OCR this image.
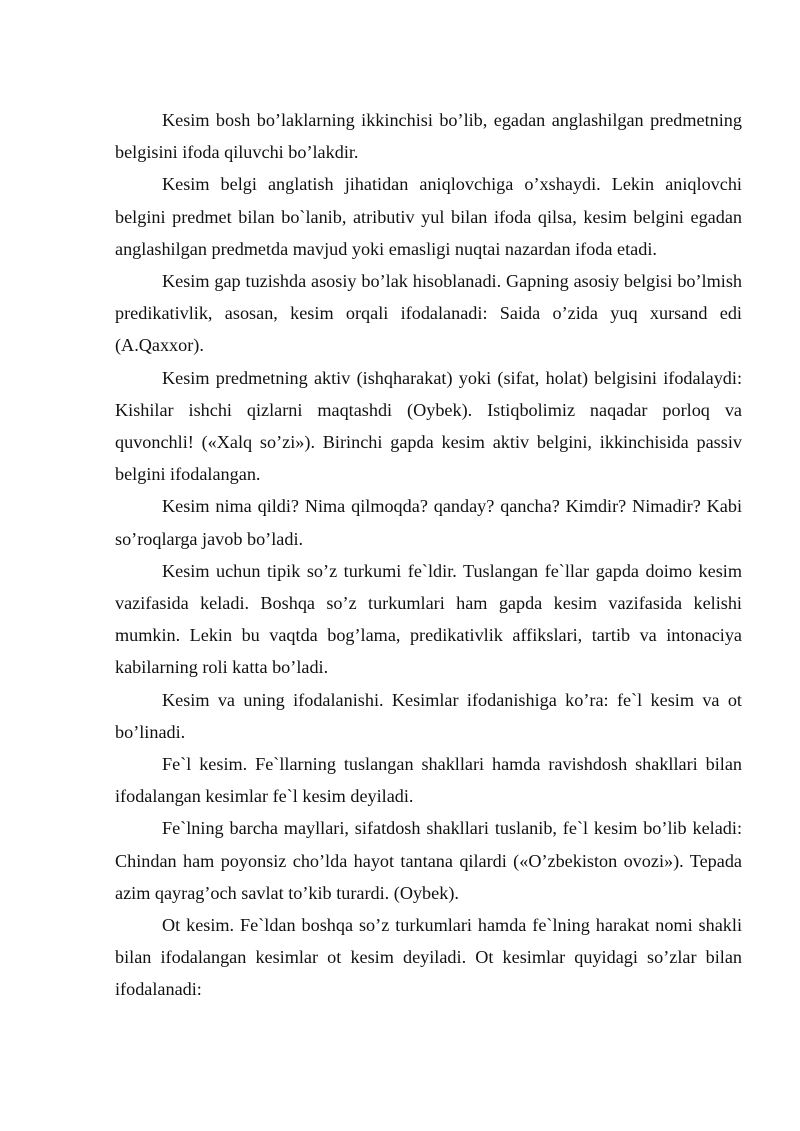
Kesim bosh bo’laklarning ikkinchisi bo’lib, egadan anglashilgan predmetning belgisini ifoda qiluvchi bo’lakdir.

Kesim belgi anglatish jihatidan aniqlovchiga o’xshaydi. Lekin aniqlovchi belgini predmet bilan bo`lanib, atributiv yul bilan ifoda qilsa, kesim belgini egadan anglashilgan predmetda mavjud yoki emasligi nuqtai nazardan ifoda etadi.

Kesim gap tuzishda asosiy bo’lak hisoblanadi. Gapning asosiy belgisi bo’lmish predikativlik, asosan, kesim orqali ifodalanadi: Saida o’zida yuq xursand edi (A.Qaxxor).

Kesim predmetning aktiv (ishqharakat) yoki (sifat, holat) belgisini ifodalaydi: Kishilar ishchi qizlarni maqtashdi (Oybek). Istiqbolimiz naqadar porloq va quvonchli! («Xalq so’zi»). Birinchi gapda kesim aktiv belgini, ikkinchisida passiv belgini ifodalangan.

Kesim nima qildi? Nima qilmoqda? qanday? qancha? Kimdir? Nimadir? Kabi so’roqlarga javob bo’ladi.

Kesim uchun tipik so’z turkumi fe`ldir. Tuslangan fe`llar gapda doimo kesim vazifasida keladi. Boshqa so’z turkumlari ham gapda kesim vazifasida kelishi mumkin. Lekin bu vaqtda bog’lama, predikativlik affikslari, tartib va intonaciya kabilarning roli katta bo’ladi.

Kesim va uning ifodalanishi. Kesimlar ifodanishiga ko’ra: fe`l kesim va ot bo’linadi.

Fe`l kesim. Fe`llarning tuslangan shakllari hamda ravishdosh shakllari bilan ifodalangan kesimlar fe`l kesim deyiladi.

Fe`lning barcha mayllari, sifatdosh shakllari tuslanib, fe`l kesim bo’lib keladi: Chindan ham poyonsiz cho’lda hayot tantana qilardi («O’zbekiston ovozi»). Tepada azim qayrag’och savlat to’kib turardi. (Oybek).

Ot kesim. Fe`ldan boshqa so’z turkumlari hamda fe`lning harakat nomi shakli bilan ifodalangan kesimlar ot kesim deyiladi. Ot kesimlar quyidagi so’zlar bilan ifodalanadi:
